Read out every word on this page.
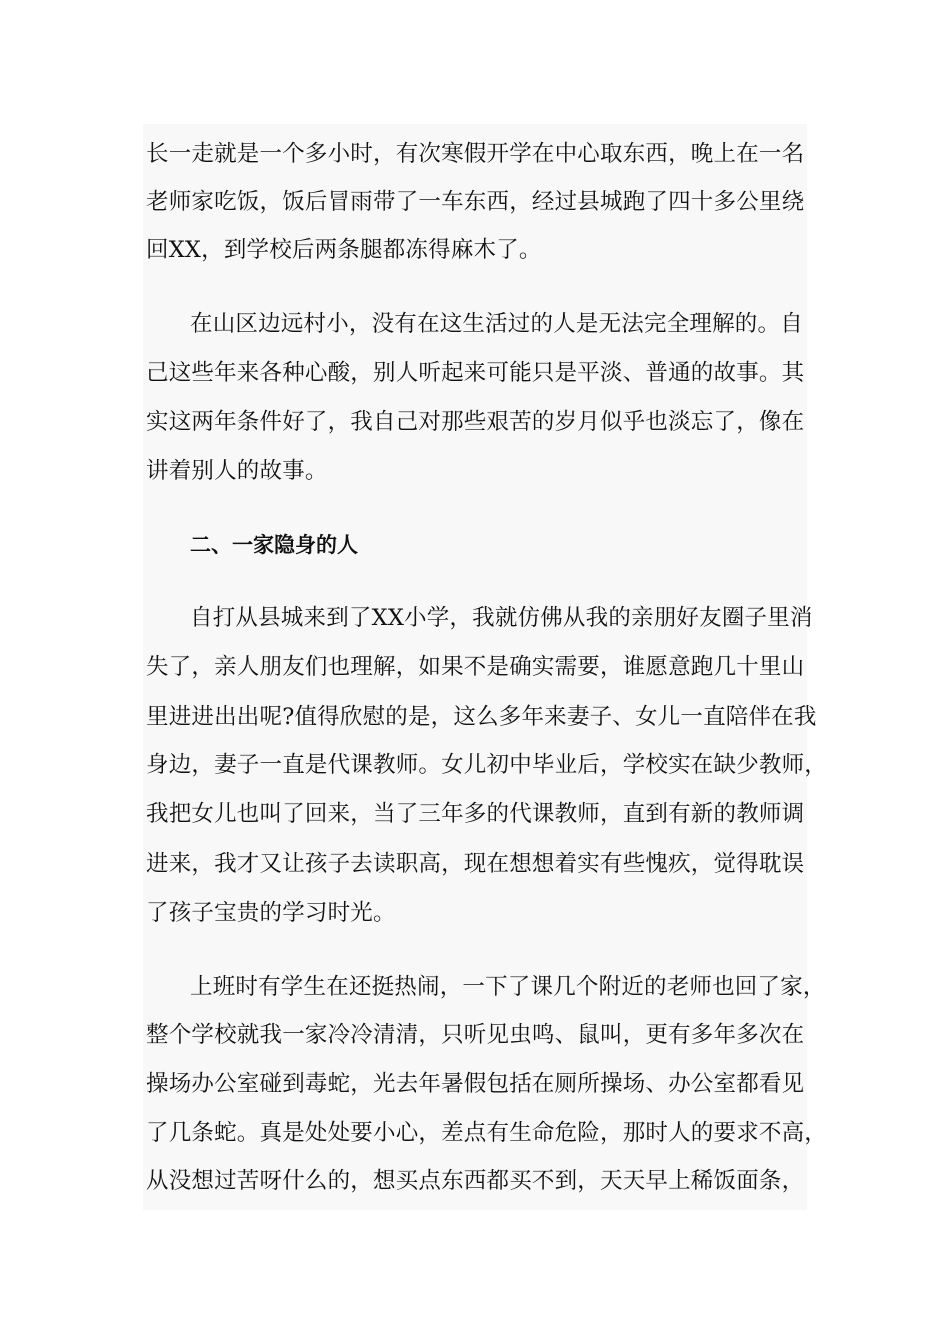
长一走就是一个多小时，有次寒假开学在中心取东西，晚上在一名
老师家吃饭，饭后冒雨带了一车东西，经过县城跑了四十多公里绕
回XX，到学校后两条腿都冻得麻木了。
在山区边远村小，没有在这生活过的人是无法完全理解的。自
己这些年来各种心酸，别人听起来可能只是平淡、普通的故事。其
实这两年条件好了，我自己对那些艰苦的岁月似乎也淡忘了，像在
讲着别人的故事。
二、一家隐身的人
自打从县城来到了XX小学，我就仿佛从我的亲朋好友圈子里消
失了，亲人朋友们也理解，如果不是确实需要，谁愿意跑几十里山
里进进出出呢?值得欣慰的是，这么多年来妻子、女儿一直陪伴在我
身边，妻子一直是代课教师。女儿初中毕业后，学校实在缺少教师，
我把女儿也叫了回来，当了三年多的代课教师，直到有新的教师调
进来，我才又让孩子去读职高，现在想想着实有些愧疚，觉得耽误
了孩子宝贵的学习时光。
上班时有学生在还挺热闹，一下了课几个附近的老师也回了家，
整个学校就我一家冷冷清清，只听见虫鸣、鼠叫，更有多年多次在
操场办公室碰到毒蛇，光去年暑假包括在厕所操场、办公室都看见
了几条蛇。真是处处要小心，差点有生命危险，那时人的要求不高，
从没想过苦呀什么的，想买点东西都买不到，天天早上稀饭面条，
